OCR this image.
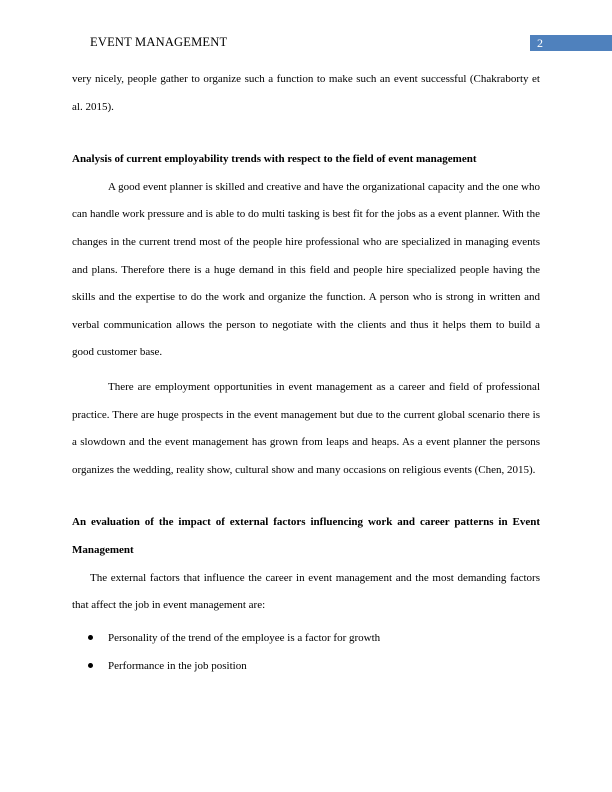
EVENT MANAGEMENT	2

very nicely, people gather to organize such a function to make such an event successful (Chakraborty et al. 2015).

Analysis of current employability trends with respect to the field of event management

A good event planner is skilled and creative and have the organizational capacity and the one who can handle work pressure and is able to do multi tasking is best fit for the jobs as a event planner. With the changes in the current trend most of the people hire professional who are specialized in managing events and plans. Therefore there is a huge demand in this field and people hire specialized people having the skills and the expertise to do the work and organize the function. A person who is strong in written and verbal communication allows the person to negotiate with the clients and thus it helps them to build a good customer base.

There are employment opportunities in event management as a career and field of professional practice. There are huge prospects in the event management but due to the current global scenario there is a slowdown and the event management has grown from leaps and heaps. As a event planner the persons organizes the wedding, reality show, cultural show and many occasions on religious events (Chen, 2015).

An evaluation of the impact of external factors influencing work and career patterns in Event Management

The external factors that influence the career in event management and the most demanding factors that affect the job in event management are:

Personality of the trend of the employee is a factor for growth
Performance in the job position
